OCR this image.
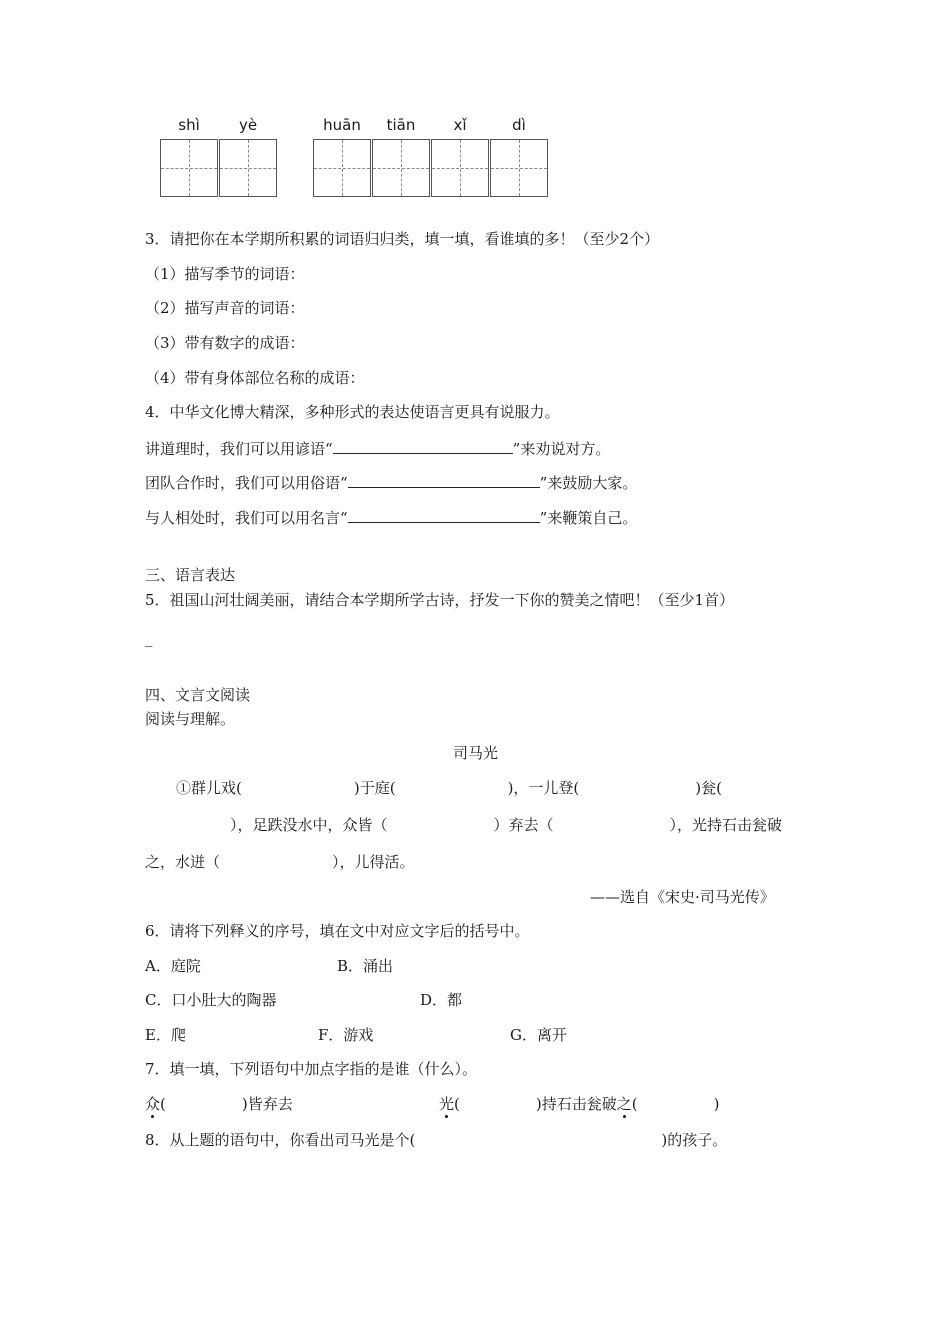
shì	yè	huān	tiān	xǐ	dì
3．请把你在本学期所积累的词语归归类，填一填，看谁填的多！（至少2个）
（1）描写季节的词语：
（2）描写声音的词语：
（3）带有数字的成语：
（4）带有身体部位名称的成语：
4．中华文化博大精深，多种形式的表达使语言更具有说服力。
讲道理时，我们可以用谚语“	”来劝说对方。
团队合作时，我们可以用俗语“	”来鼓励大家。
与人相处时，我们可以用名言“	”来鞭策自己。
三、语言表达
5．祖国山河壮阔美丽，请结合本学期所学古诗，抒发一下你的赞美之情吧！（至少1首）
_
四、文言文阅读
阅读与理解。
司马光
①群儿戏(	)于庭(	)，一儿登(	)瓮(
），足跌没水中，众皆（	）弃去（	），光持石击瓮破
之，水迸（	），儿得活。
——选自《宋史·司马光传》
6．请将下列释义的序号，填在文中对应文字后的括号中。
A．庭院	B．涌出
C．口小肚大的陶器	D．都
E．爬	F．游戏	G．离开
7．填一填，下列语句中加点字指的是谁（什么）。
众(	)皆弃去	光(	)持石击瓮破之(	)
8．从上题的语句中，你看出司马光是个(	)的孩子。
